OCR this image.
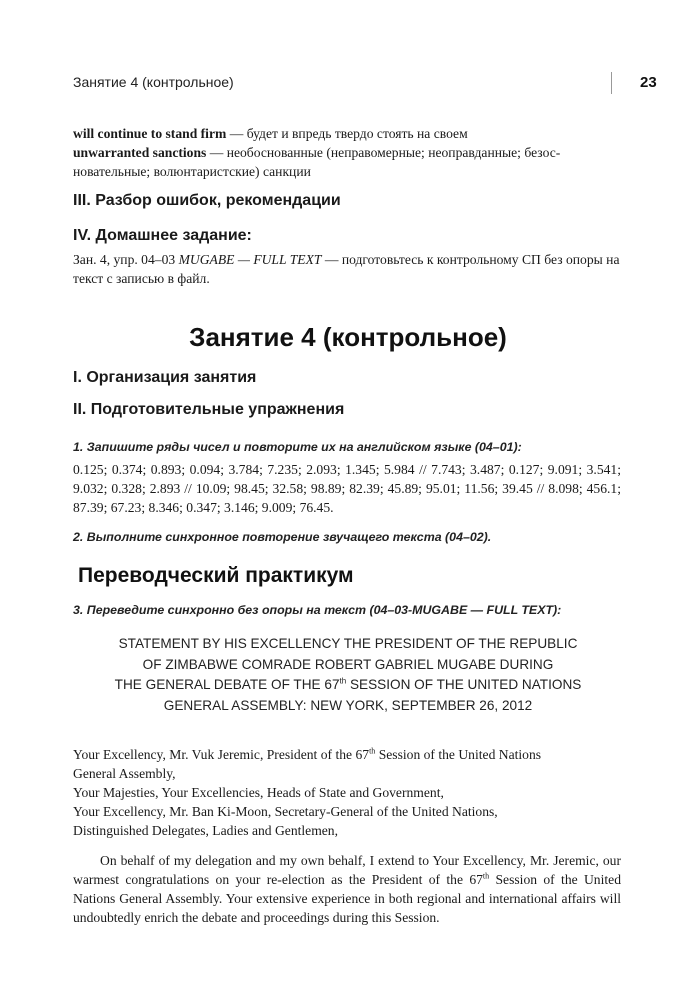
Занятие 4 (контрольное)	23
will continue to stand firm — будет и впредь твердо стоять на своем
unwarranted sanctions — необоснованные (неправомерные; неоправданные; безос-новательные; волюнтаристские) санкции
III. Разбор ошибок, рекомендации
IV. Домашнее задание:
Зан. 4, упр. 04–03 MUGABE — FULL TEXT — подготовьтесь к контрольному СП без опоры на текст с записью в файл.
Занятие 4 (контрольное)
I. Организация занятия
II. Подготовительные упражнения
1. Запишите ряды чисел и повторите их на английском языке (04–01):
0.125; 0.374; 0.893; 0.094; 3.784; 7.235; 2.093; 1.345; 5.984 // 7.743; 3.487; 0.127; 9.091; 3.541; 9.032; 0.328; 2.893 // 10.09; 98.45; 32.58; 98.89; 82.39; 45.89; 95.01; 11.56; 39.45 // 8.098; 456.1; 87.39; 67.23; 8.346; 0.347; 3.146; 9.009; 76.45.
2. Выполните синхронное повторение звучащего текста (04–02).
Переводческий практикум
3. Переведите синхронно без опоры на текст (04–03-MUGABE — FULL TEXT):
STATEMENT BY HIS EXCELLENCY THE PRESIDENT OF THE REPUBLIC
OF ZIMBABWE COMRADE ROBERT GABRIEL MUGABE DURING
THE GENERAL DEBATE OF THE 67th SESSION OF THE UNITED NATIONS
GENERAL ASSEMBLY: NEW YORK, SEPTEMBER 26, 2012
Your Excellency, Mr. Vuk Jeremic, President of the 67th Session of the United Nations
General Assembly,
Your Majesties, Your Excellencies, Heads of State and Government,
Your Excellency, Mr. Ban Ki-Moon, Secretary-General of the United Nations,
Distinguished Delegates, Ladies and Gentlemen,
On behalf of my delegation and my own behalf, I extend to Your Excellency, Mr. Jeremic, our warmest congratulations on your re-election as the President of the 67th Session of the United Nations General Assembly. Your extensive experience in both regional and international affairs will undoubtedly enrich the debate and proceedings during this Session.
